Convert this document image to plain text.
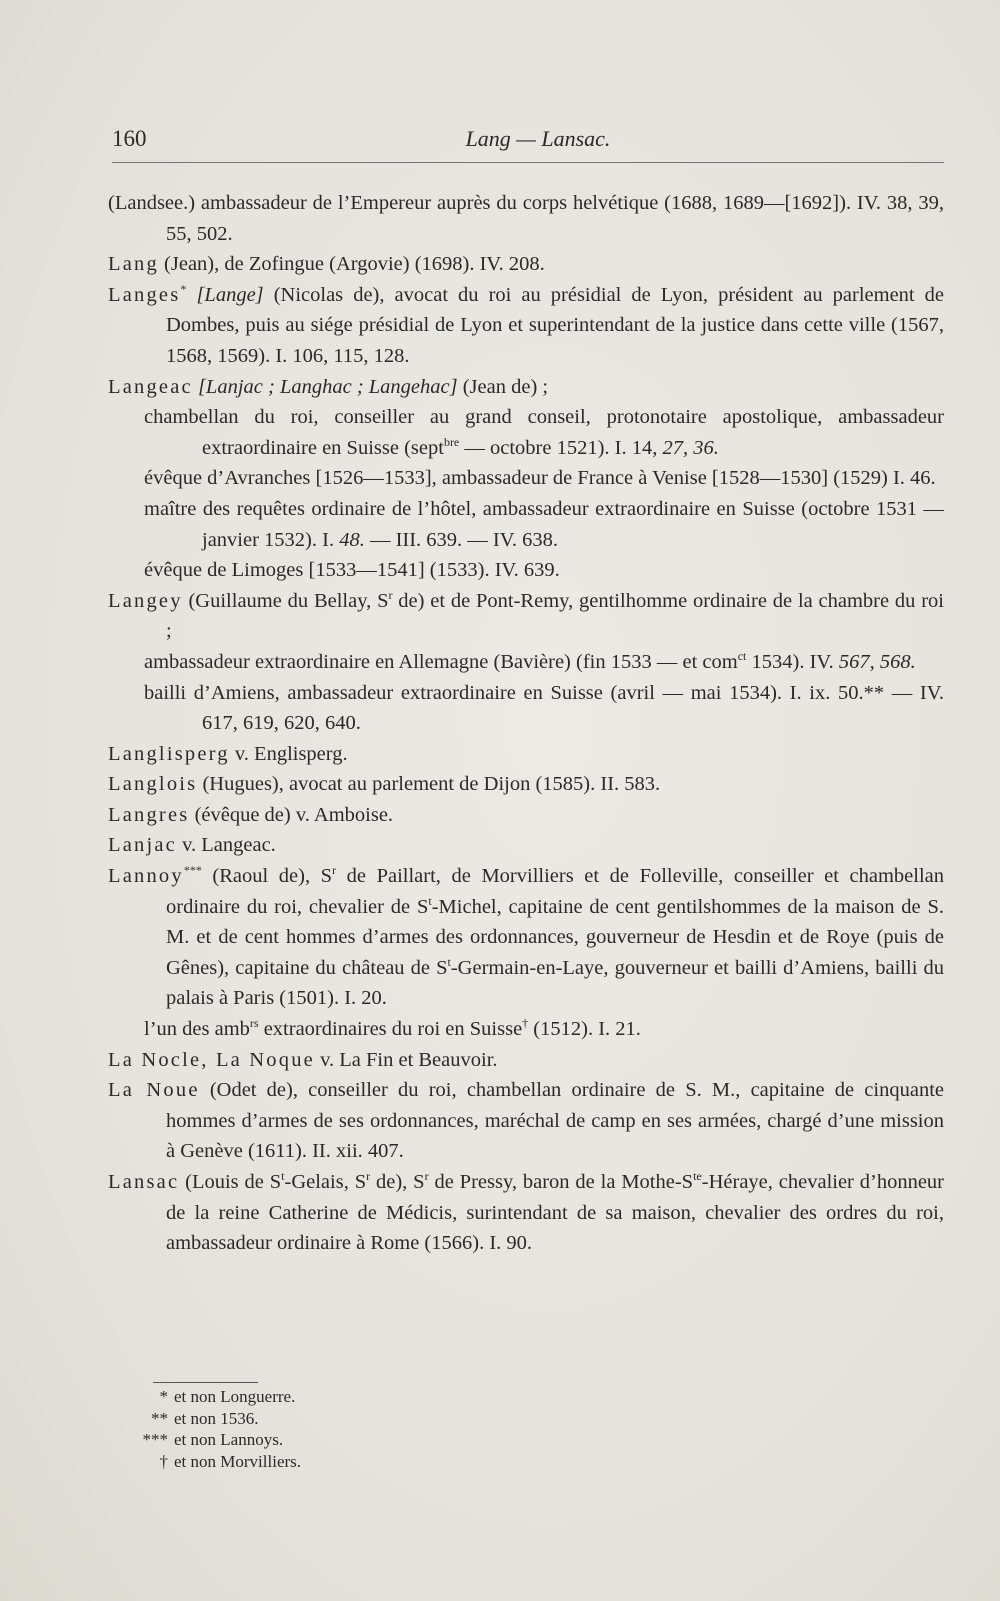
160	Lang — Lansac.

(Landsee.) ambassadeur de l’Empereur auprès du corps helvétique (1688, 1689—[1692]). IV. 38, 39, 55, 502.

Lang (Jean), de Zofingue (Argovie) (1698). IV. 208.

Langes* [Lange] (Nicolas de), avocat du roi au présidial de Lyon, président au parlement de Dombes, puis au siége présidial de Lyon et superintendant de la justice dans cette ville (1567, 1568, 1569). I. 106, 115, 128.

Langeac [Lanjac ; Langhac ; Langehac] (Jean de) ;

chambellan du roi, conseiller au grand conseil, protonotaire apostolique, ambassadeur extraordinaire en Suisse (sept$^{bre}$ — octobre 1521). I. 14, 27, 36.

évêque d’Avranches [1526—1533], ambassadeur de France à Venise [1528—1530] (1529) I. 46.

maître des requêtes ordinaire de l’hôtel, ambassadeur extraordinaire en Suisse (octobre 1531 — janvier 1532). I. 48. — III. 639. — IV. 638.

évêque de Limoges [1533—1541] (1533). IV. 639.

Langey (Guillaume du Bellay, $S^r$ de) et de Pont-Remy, gentilhomme ordinaire de la chambre du roi ;

ambassadeur extraordinaire en Allemagne (Bavière) (fin 1533 — et com$^{ct}$ 1534). IV. 567, 568.

bailli d’Amiens, ambassadeur extraordinaire en Suisse (avril — mai 1534). I. ix. 50.** — IV. 617, 619, 620, 640.

Langlisperg v. Englisperg.

Langlois (Hugues), avocat au parlement de Dijon (1585). II. 583.

Langres (évêque de) v. Amboise.

Lanjac v. Langeac.

Lannoy*** (Raoul de), $S^r$ de Paillart, de Morvilliers et de Folleville, conseiller et chambellan ordinaire du roi, chevalier de $S^t$-Michel, capitaine de cent gentilshommes de la maison de S. M. et de cent hommes d’armes des ordonnances, gouverneur de Hesdin et de Roye (puis de Gênes), capitaine du château de $S^t-Germain-en$-Laye, gouverneur et bailli d’Amiens, bailli du palais à Paris (1501). I. 20.

l’un des amb$^{rs}$ extraordinaires du roi en Suisse† (1512). I. 21.

La Nocle, La Noque v. La Fin et Beauvoir.

La Noue (Odet de), conseiller du roi, chambellan ordinaire de S. M., capitaine de cinquante hommes d’armes de ses ordonnances, maréchal de camp en ses armées, chargé d’une mission à Genève (1611). II. xii. 407.

Lansac (Louis de $S^t$-Gelais, $S^r$ de), $S^r$ de Pressy, baron de la Mothe-$S^{te}$-Héraye, chevalier d’honneur de la reine Catherine de Médicis, surintendant de sa maison, chevalier des ordres du roi, ambassadeur ordinaire à Rome (1566). I. 90.

* et non Longuerre.

** et non 1536.

*** et non Lannoys.

† et non Morvilliers.
